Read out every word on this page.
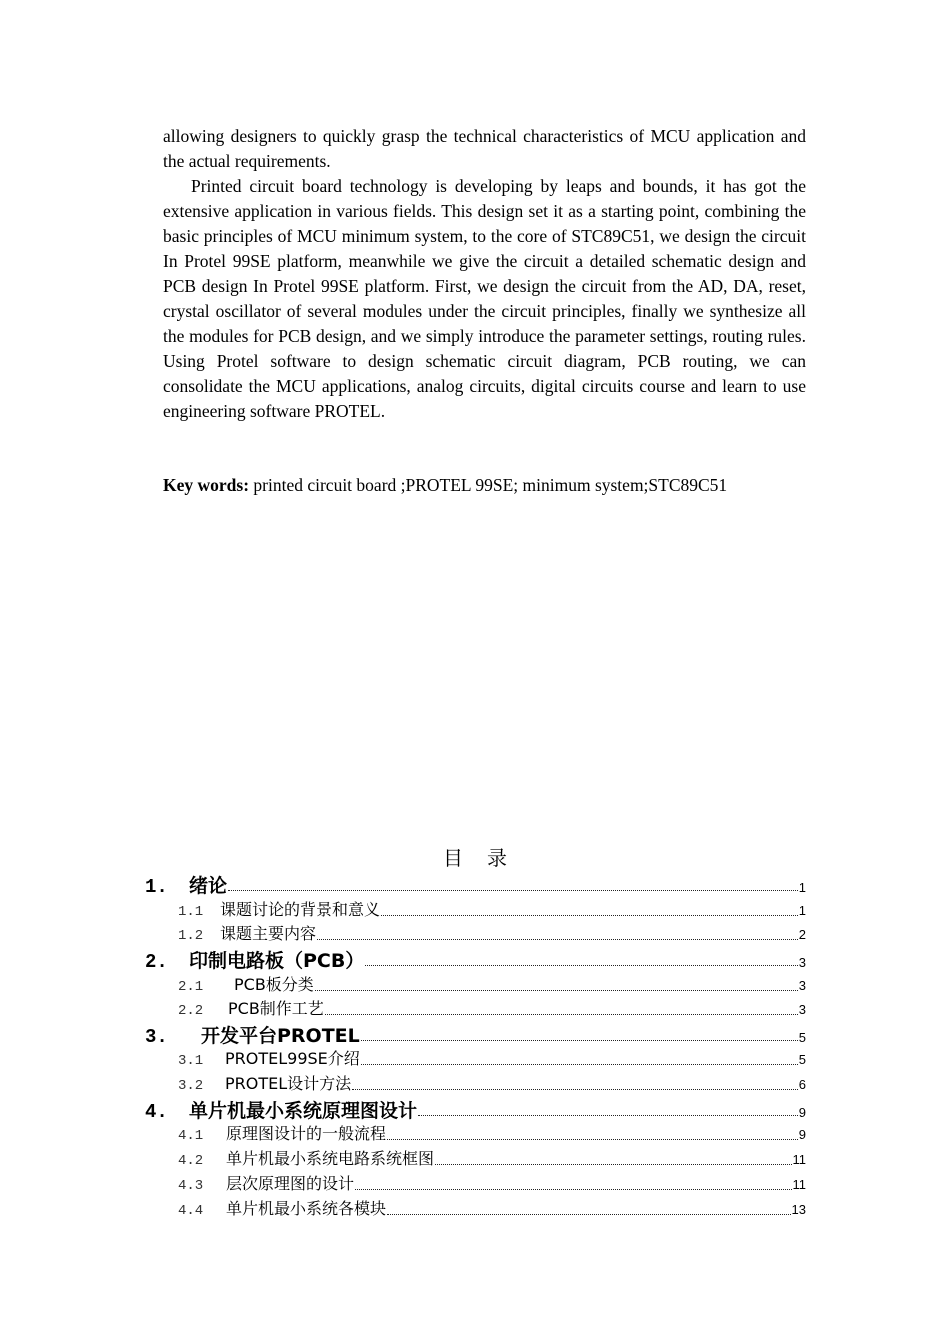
allowing designers to quickly grasp the technical characteristics of MCU application and the actual requirements.

Printed circuit board technology is developing by leaps and bounds, it has got the extensive application in various fields. This design set it as a starting point, combining the basic principles of MCU minimum system, to the core of STC89C51, we design the circuit In Protel 99SE platform, meanwhile we give the circuit a detailed schematic design and PCB design In Protel 99SE platform. First, we design the circuit from the AD, DA, reset, crystal oscillator of several modules under the circuit principles, finally we synthesize all the modules for PCB design, and we simply introduce the parameter settings, routing rules. Using Protel software to design schematic circuit diagram, PCB routing, we can consolidate the MCU applications, analog circuits, digital circuits course and learn to use engineering software PROTEL.

Key words: printed circuit board ;PROTEL 99SE; minimum system;STC89C51
目 录
1.	绪论	1
1.1	课题讨论的背景和意义	1
1.2	课题主要内容	2
2.	印制电路板（PCB）	3
2.1	PCB板分类	3
2.2	PCB制作工艺	3
3.	开发平台PROTEL	5
3.1	PROTEL99SE介绍	5
3.2	PROTEL设计方法	6
4.	单片机最小系统原理图设计	9
4.1	原理图设计的一般流程	9
4.2	单片机最小系统电路系统框图	11
4.3	层次原理图的设计	11
4.4	单片机最小系统各模块	13
